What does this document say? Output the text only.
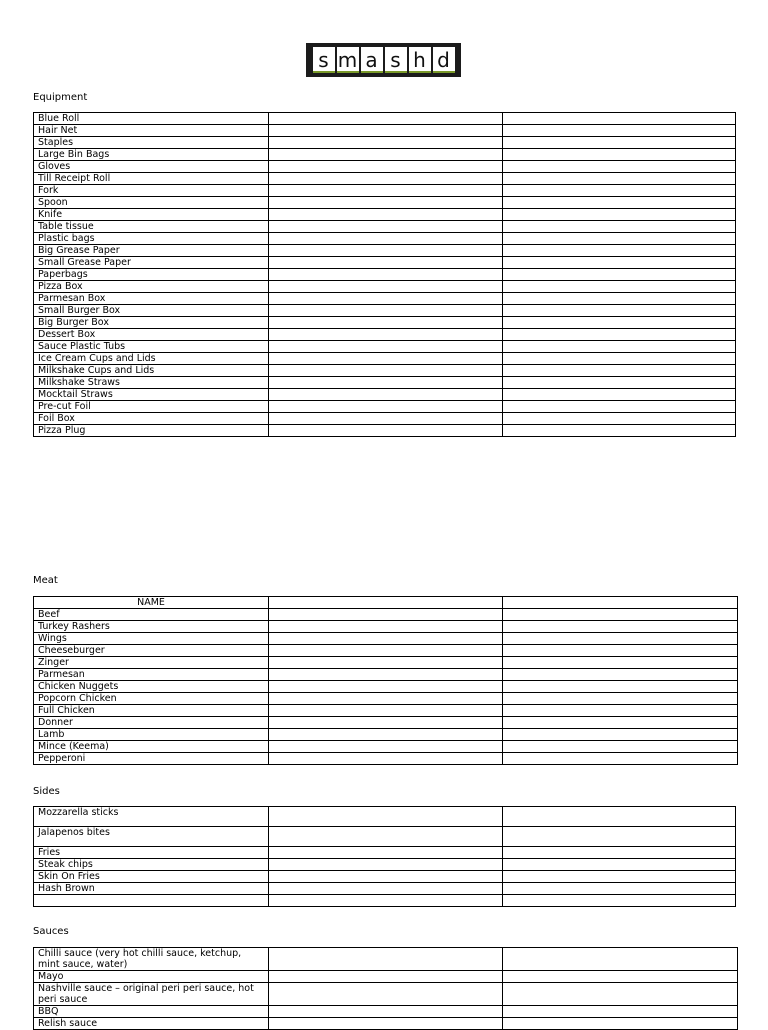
s m a s h d
Equipment
Blue Roll		
Hair Net		
Staples		
Large Bin Bags		
Gloves		
Till Receipt Roll		
Fork		
Spoon		
Knife		
Table tissue		
Plastic bags		
Big Grease Paper		
Small Grease Paper		
Paperbags		
Pizza Box		
Parmesan Box		
Small Burger Box		
Big Burger Box		
Dessert Box		
Sauce Plastic Tubs		
Ice Cream Cups and Lids		
Milkshake Cups and Lids		
Milkshake Straws		
Mocktail Straws		
Pre-cut Foil		
Foil Box		
Pizza Plug		
Meat
NAME		
Beef		
Turkey Rashers		
Wings		
Cheeseburger		
Zinger		
Parmesan		
Chicken Nuggets		
Popcorn Chicken		
Full Chicken		
Donner		
Lamb		
Mince (Keema)		
Pepperoni		
Sides
Mozzarella sticks		
Jalapenos bites		
Fries		
Steak chips		
Skin On Fries		
Hash Brown		

Sauces
Chilli sauce (very hot chilli sauce, ketchup, mint sauce, water)		
Mayo		
Nashville sauce – original peri peri sauce, hot peri sauce		
BBQ		
Relish sauce		
